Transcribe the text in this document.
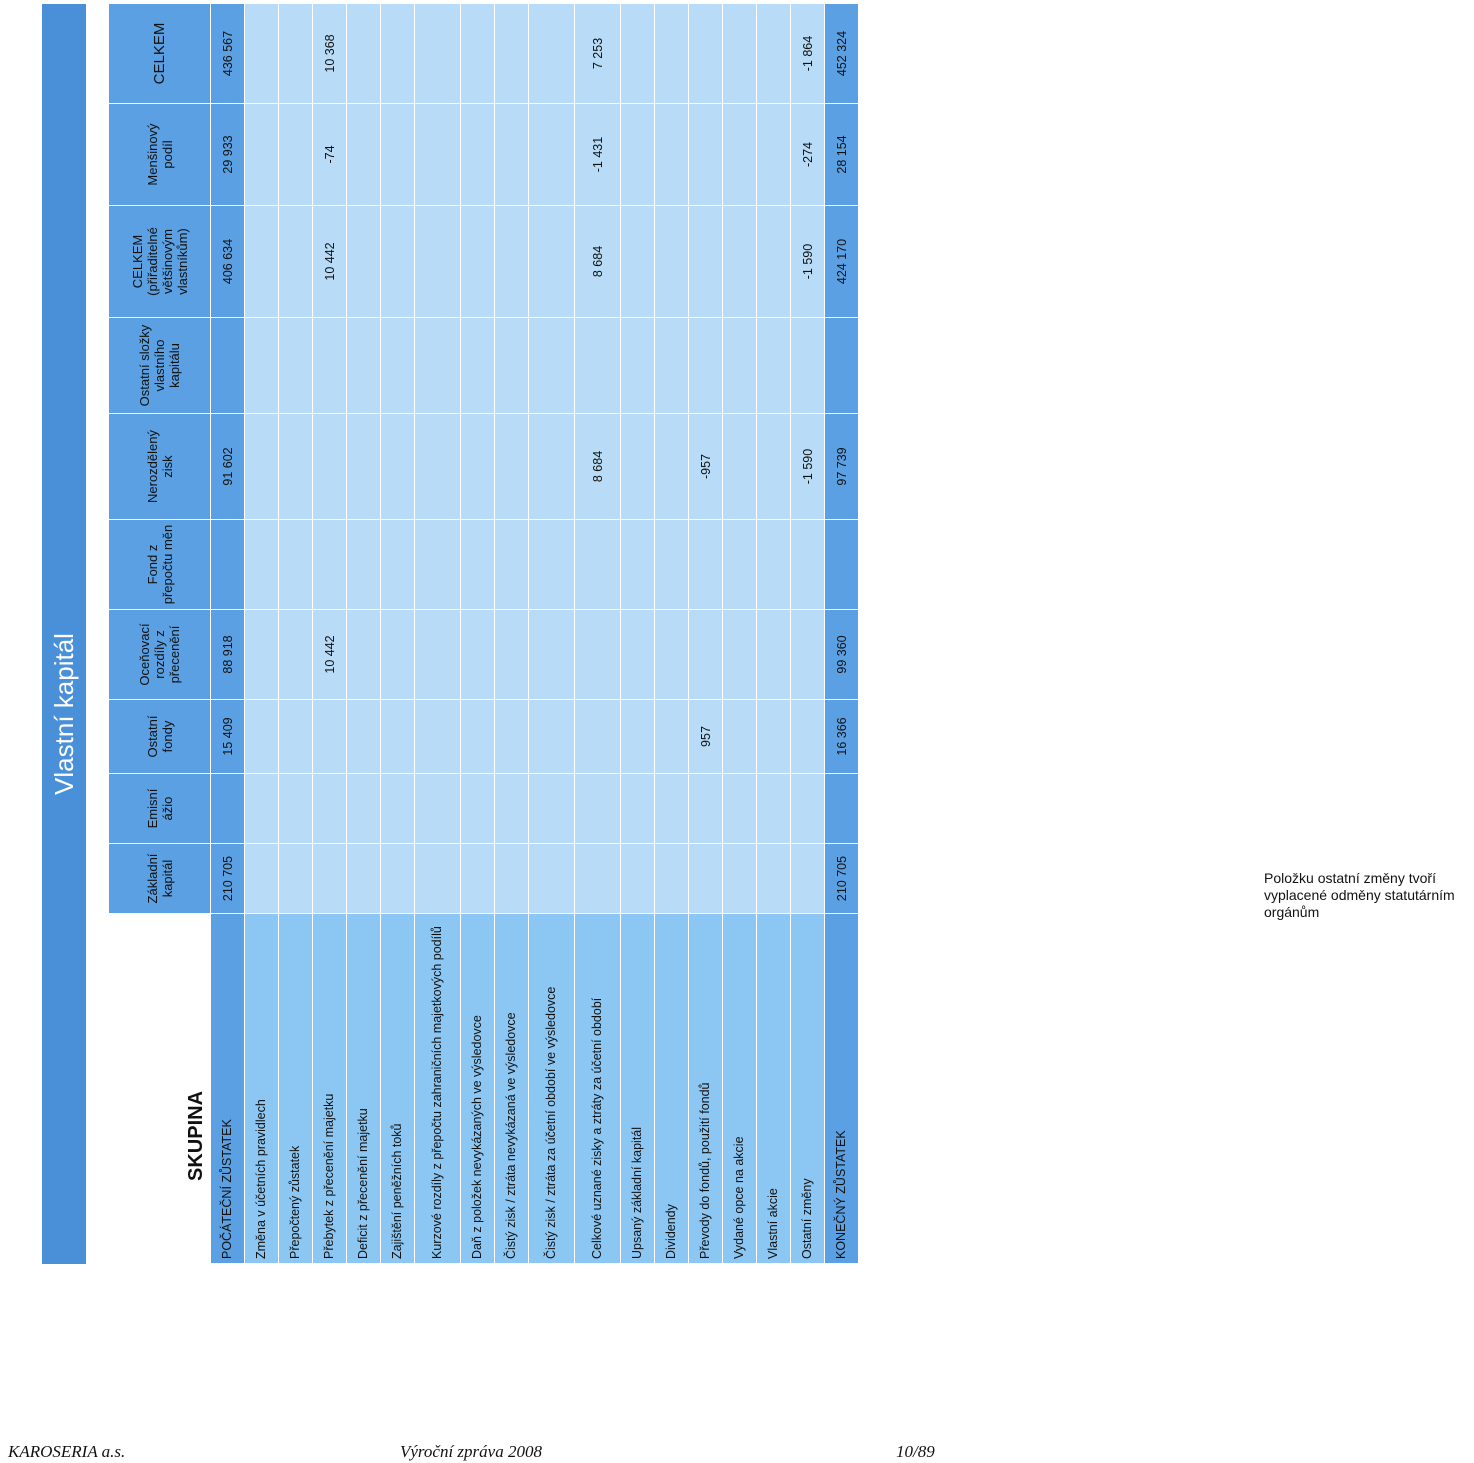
Vlastní kapitál
SKUPINA	Základní kapitál	Emisní ážio	Ostatní fondy	Oceňovací rozdíly z přecenění	Fond z přepočtu měn	Nerozdělený zisk	Ostatní složky vlastního kapitálu	CELKEM (přiřaditelné většinovým vlastníkům)	Menšinový podíl	CELKEM
POČÁTEČNÍ ZŮSTATEK	210 705		15 409	88 918		91 602		406 634	29 933	436 567
Změna v účetních pravidlech										
Přepočtený zůstatek										
Přebytek z přecenění majetku				10 442				10 442	-74	10 368
Deficit z přecenění majetku										
Zajištění peněžních toků										
Kurzové rozdíly z přepočtu zahraničních majetkových podílů										
Daň z položek nevykázaných ve výsledovce										
Čistý zisk / ztráta nevykázaná ve výsledovce										
Čistý zisk / ztráta za účetní období ve výsledovce										
Celkové uznané zisky a ztráty za účetní období						8 684		8 684	-1 431	7 253
Upsaný základní kapitál										
Dividendy										
Převody do fondů, použití fondů			957			-957				
Vydané opce na akcie										
Vlastní akcie										
Ostatní změny						-1 590		-1 590	-274	-1 864
KONEČNÝ ZŮSTATEK	210 705		16 366	99 360		97 739		424 170	28 154	452 324
Položku ostatní změny tvoří vyplacené odměny statutárním orgánům
KAROSERIA a.s.	Výroční zpráva 2008	10/89
